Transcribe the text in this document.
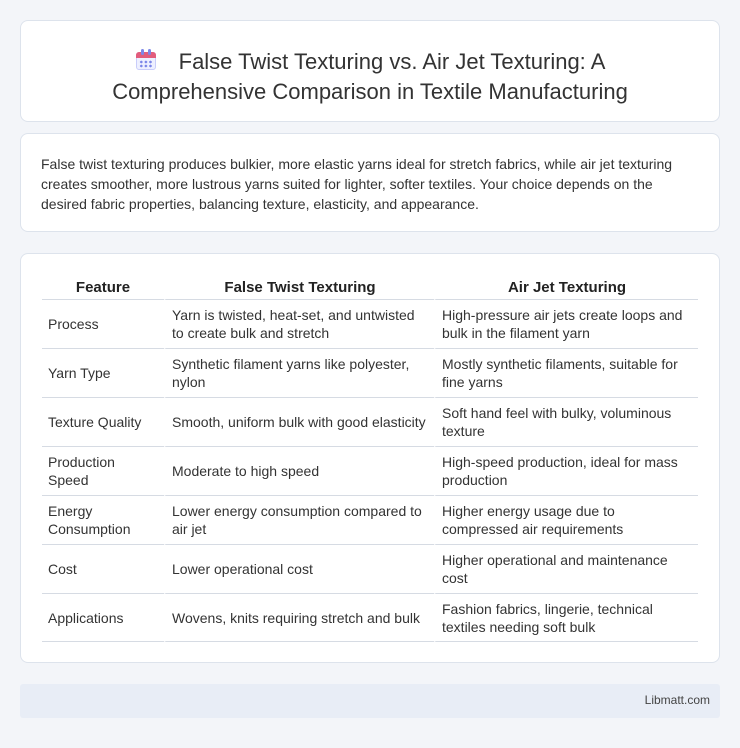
False Twist Texturing vs. Air Jet Texturing: A
Comprehensive Comparison in Textile Manufacturing

False twist texturing produces bulkier, more elastic yarns ideal for stretch fabrics, while air jet texturing creates smoother, more lustrous yarns suited for lighter, softer textiles. Your choice depends on the desired fabric properties, balancing texture, elasticity, and appearance.

Feature	False Twist Texturing	Air Jet Texturing
Process	Yarn is twisted, heat-set, and untwisted to create bulk and stretch	High-pressure air jets create loops and bulk in the filament yarn
Yarn Type	Synthetic filament yarns like polyester, nylon	Mostly synthetic filaments, suitable for fine yarns
Texture Quality	Smooth, uniform bulk with good elasticity	Soft hand feel with bulky, voluminous texture
Production Speed	Moderate to high speed	High-speed production, ideal for mass production
Energy Consumption	Lower energy consumption compared to air jet	Higher energy usage due to compressed air requirements
Cost	Lower operational cost	Higher operational and maintenance cost
Applications	Wovens, knits requiring stretch and bulk	Fashion fabrics, lingerie, technical textiles needing soft bulk
Libmatt.com
